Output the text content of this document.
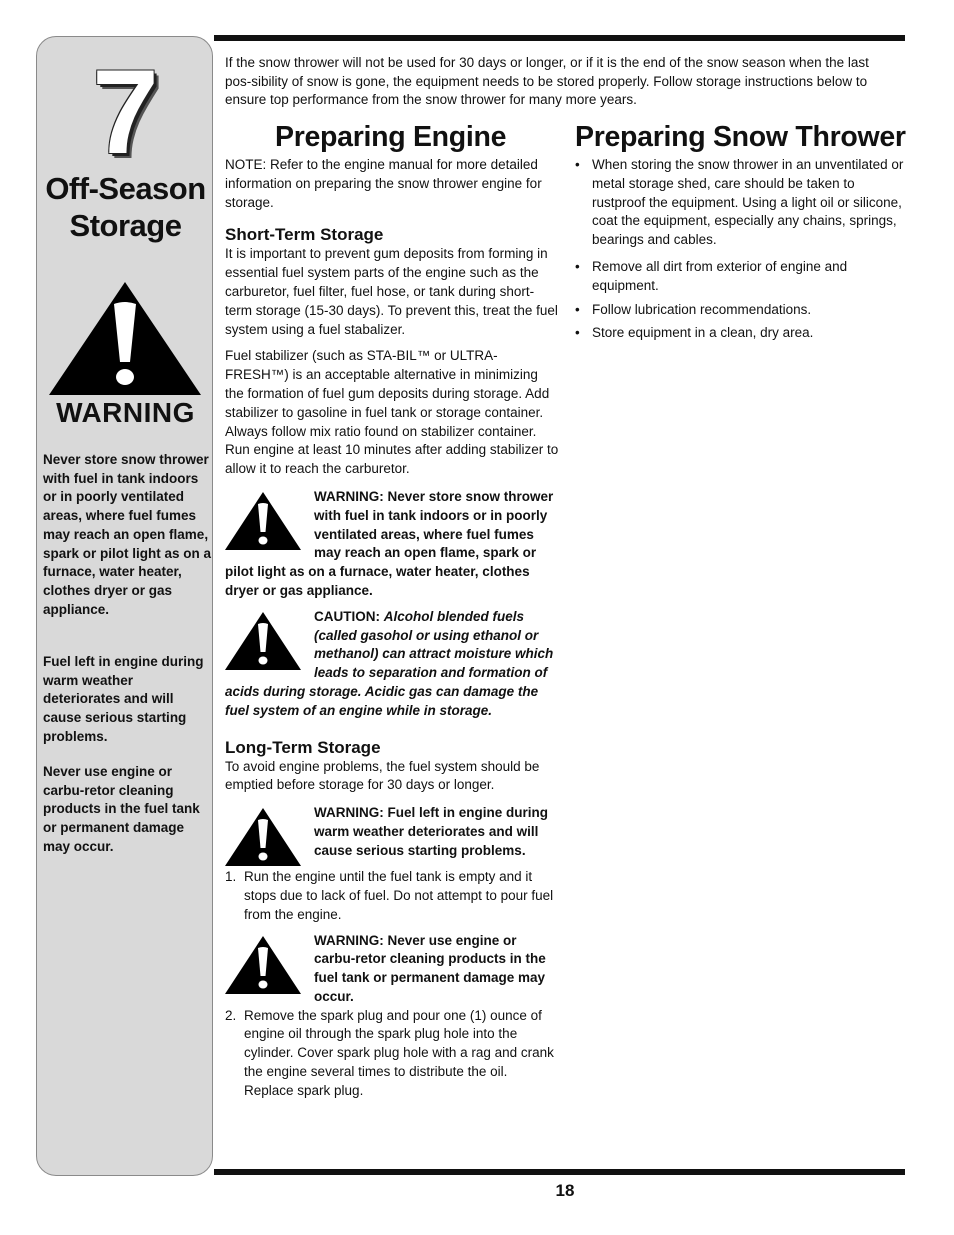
7
Off-Season
Storage
WARNING
Never store snow thrower with fuel in tank indoors or in poorly ventilated areas, where fuel fumes may reach an open flame, spark or pilot light as on a furnace, water heater, clothes dryer or gas appliance.
Fuel left in engine during warm weather deteriorates and will cause serious starting problems.
Never use engine or carbu-retor cleaning products in the fuel tank or permanent damage may occur.

If the snow thrower will not be used for 30 days or longer, or if it is the end of the snow season when the last pos-sibility of snow is gone, the equipment needs to be stored properly. Follow storage instructions below to ensure top performance from the snow thrower for many more years.

Preparing Engine

NOTE: Refer to the engine manual for more detailed information on preparing the snow thrower engine for storage.

Short-Term Storage

It is important to prevent gum deposits from forming in essential fuel system parts of the engine such as the carburetor, fuel filter, fuel hose, or tank during short-term storage (15-30 days). To prevent this, treat the fuel system using a fuel stabalizer.

Fuel stabilizer (such as STA-BIL™ or ULTRA-FRESH™) is an acceptable alternative in minimizing the formation of fuel gum deposits during storage. Add stabilizer to gasoline in fuel tank or storage container. Always follow mix ratio found on stabilizer container. Run engine at least 10 minutes after adding stabilizer to allow it to reach the carburetor.

WARNING: Never store snow thrower with fuel in tank indoors or in poorly ventilated areas, where fuel fumes may reach an open flame, spark or pilot light as on a furnace, water heater, clothes dryer or gas appliance.
CAUTION: Alcohol blended fuels (called gasohol or using ethanol or methanol) can attract moisture which leads to separation and formation of acids during storage. Acidic gas can damage the fuel system of an engine while in storage.
Long-Term Storage

To avoid engine problems, the fuel system should be emptied before storage for 30 days or longer.

WARNING: Fuel left in engine during warm weather deteriorates and will cause serious starting problems.
1. Run the engine until the fuel tank is empty and it stops due to lack of fuel. Do not attempt to pour fuel from the engine.
WARNING: Never use engine or carbu-retor cleaning products in the fuel tank or permanent damage may occur.
2. Remove the spark plug and pour one (1) ounce of engine oil through the spark plug hole into the cylinder. Cover spark plug hole with a rag and crank the engine several times to distribute the oil. Replace spark plug.
Preparing Snow Thrower
• When storing the snow thrower in an unventilated or metal storage shed, care should be taken to rustproof the equipment. Using a light oil or silicone, coat the equipment, especially any chains, springs, bearings and cables.
• Remove all dirt from exterior of engine and equipment.
• Follow lubrication recommendations.
• Store equipment in a clean, dry area.
18
